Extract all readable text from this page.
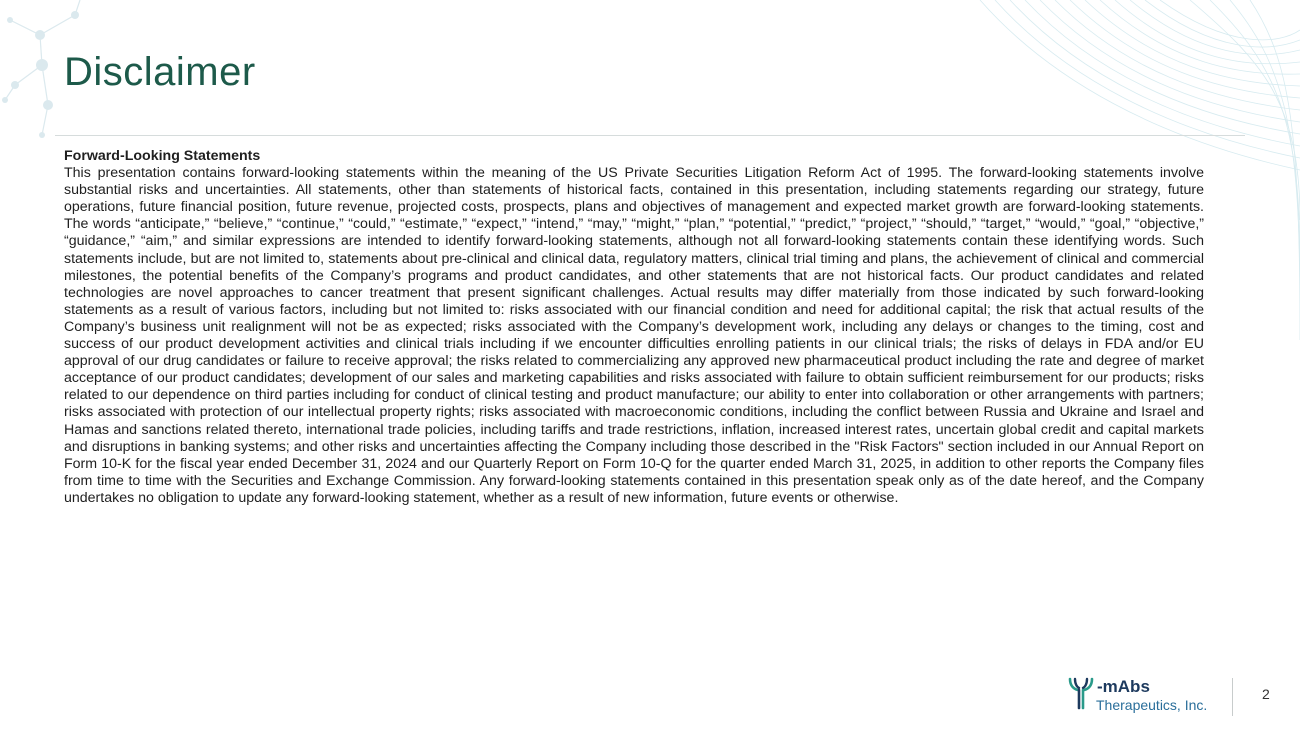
Disclaimer

Forward-Looking Statements

This presentation contains forward-looking statements within the meaning of the US Private Securities Litigation Reform Act of 1995. The forward-looking statements involve substantial risks and uncertainties. All statements, other than statements of historical facts, contained in this presentation, including statements regarding our strategy, future operations, future financial position, future revenue, projected costs, prospects, plans and objectives of management and expected market growth are forward-looking statements. The words “anticipate,” “believe,” “continue,” “could,” “estimate,” “expect,” “intend,” “may,” “might,” “plan,” “potential,” “predict,” “project,” “should,” “target,” “would,” “goal,” “objective,” “guidance,” “aim,” and similar expressions are intended to identify forward-looking statements, although not all forward-looking statements contain these identifying words. Such statements include, but are not limited to, statements about pre-clinical and clinical data, regulatory matters, clinical trial timing and plans, the achievement of clinical and commercial milestones, the potential benefits of the Company’s programs and product candidates, and other statements that are not historical facts. Our product candidates and related technologies are novel approaches to cancer treatment that present significant challenges. Actual results may differ materially from those indicated by such forward-looking statements as a result of various factors, including but not limited to: risks associated with our financial condition and need for additional capital; the risk that actual results of the Company’s business unit realignment will not be as expected; risks associated with the Company’s development work, including any delays or changes to the timing, cost and success of our product development activities and clinical trials including if we encounter difficulties enrolling patients in our clinical trials; the risks of delays in FDA and/or EU approval of our drug candidates or failure to receive approval; the risks related to commercializing any approved new pharmaceutical product including the rate and degree of market acceptance of our product candidates; development of our sales and marketing capabilities and risks associated with failure to obtain sufficient reimbursement for our products; risks related to our dependence on third parties including for conduct of clinical testing and product manufacture; our ability to enter into collaboration or other arrangements with partners; risks associated with protection of our intellectual property rights; risks associated with macroeconomic conditions, including the conflict between Russia and Ukraine and Israel and Hamas and sanctions related thereto, international trade policies, including tariffs and trade restrictions, inflation, increased interest rates, uncertain global credit and capital markets and disruptions in banking systems; and other risks and uncertainties affecting the Company including those described in the "Risk Factors" section included in our Annual Report on Form 10-K for the fiscal year ended December 31, 2024 and our Quarterly Report on Form 10-Q for the quarter ended March 31, 2025, in addition to other reports the Company files from time to time with the Securities and Exchange Commission. Any forward-looking statements contained in this presentation speak only as of the date hereof, and the Company undertakes no obligation to update any forward-looking statement, whether as a result of new information, future events or otherwise.

-mAbs
Therapeutics, Inc.
2
